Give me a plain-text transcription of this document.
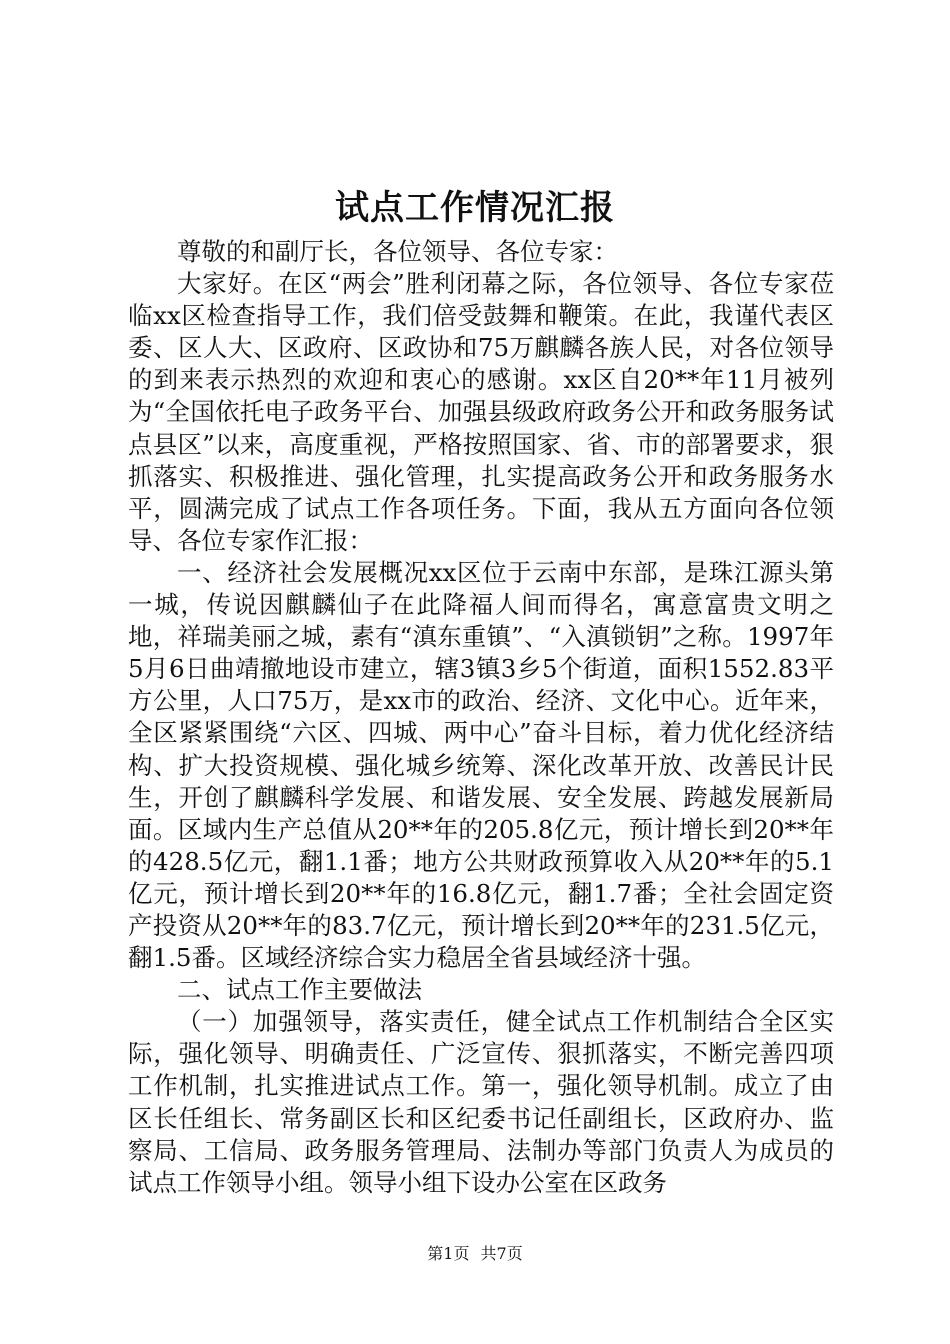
试点工作情况汇报

尊敬的和副厅长，各位领导、各位专家：

大家好。在区“两会”胜利闭幕之际，各位领导、各位专家莅临xx区检查指导工作，我们倍受鼓舞和鞭策。在此，我谨代表区委、区人大、区政府、区政协和75万麒麟各族人民，对各位领导的到来表示热烈的欢迎和衷心的感谢。xx区自20**年11月被列为“全国依托电子政务平台、加强县级政府政务公开和政务服务试点县区”以来，高度重视，严格按照国家、省、市的部署要求，狠抓落实、积极推进、强化管理，扎实提高政务公开和政务服务水平，圆满完成了试点工作各项任务。下面，我从五方面向各位领导、各位专家作汇报：

一、经济社会发展概况xx区位于云南中东部，是珠江源头第一城，传说因麒麟仙子在此降福人间而得名，寓意富贵文明之地，祥瑞美丽之城，素有“滇东重镇”、“入滇锁钥”之称。1997年5月6日曲靖撤地设市建立，辖3镇3乡5个街道，面积1552.83平方公里，人口75万，是xx市的政治、经济、文化中心。近年来，全区紧紧围绕“六区、四城、两中心”奋斗目标，着力优化经济结构、扩大投资规模、强化城乡统筹、深化改革开放、改善民计民生，开创了麒麟科学发展、和谐发展、安全发展、跨越发展新局面。区域内生产总值从20**年的205.8亿元，预计增长到20**年的428.5亿元，翻1.1番；地方公共财政预算收入从20**年的5.1亿元，预计增长到20**年的16.8亿元，翻1.7番；全社会固定资产投资从20**年的83.7亿元，预计增长到20**年的231.5亿元，翻1.5番。区域经济综合实力稳居全省县域经济十强。

二、试点工作主要做法

（一）加强领导，落实责任，健全试点工作机制结合全区实际，强化领导、明确责任、广泛宣传、狠抓落实，不断完善四项工作机制，扎实推进试点工作。第一，强化领导机制。成立了由区长任组长、常务副区长和区纪委书记任副组长，区政府办、监察局、工信局、政务服务管理局、法制办等部门负责人为成员的试点工作领导小组。领导小组下设办公室在区政务

第1页 共7页
